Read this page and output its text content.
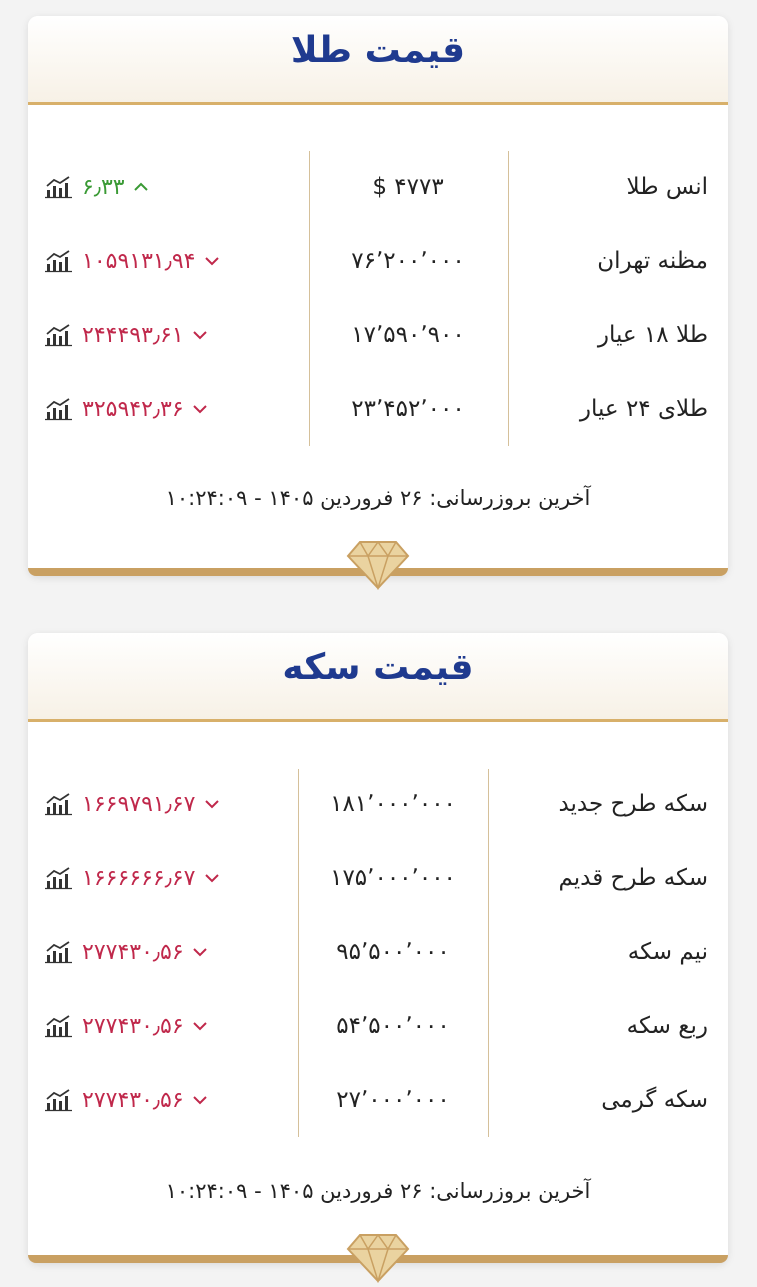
قیمت طلا
انس طلا
$ ۴۷۷۳
۶٫۳۳
مظنه تهران
۷۶٬۲۰۰٬۰۰۰
۱۰۵۹۱۳۱٫۹۴
طلا ۱۸ عیار
۱۷٬۵۹۰٬۹۰۰
۲۴۴۴۹۳٫۶۱
طلای ۲۴ عیار
۲۳٬۴۵۲٬۰۰۰
۳۲۵۹۴۲٫۳۶
آخرین بروزرسانی: ۲۶ فروردین ۱۴۰۵ - ۱۰:۲۴:۰۹
قیمت سکه
سکه طرح جدید
۱۸۱٬۰۰۰٬۰۰۰
۱۶۶۹۷۹۱٫۶۷
سکه طرح قدیم
۱۷۵٬۰۰۰٬۰۰۰
۱۶۶۶۶۶۶٫۶۷
نیم سکه
۹۵٬۵۰۰٬۰۰۰
۲۷۷۴۳۰٫۵۶
ربع سکه
۵۴٬۵۰۰٬۰۰۰
۲۷۷۴۳۰٫۵۶
سکه گرمی
۲۷٬۰۰۰٬۰۰۰
۲۷۷۴۳۰٫۵۶
آخرین بروزرسانی: ۲۶ فروردین ۱۴۰۵ - ۱۰:۲۴:۰۹
